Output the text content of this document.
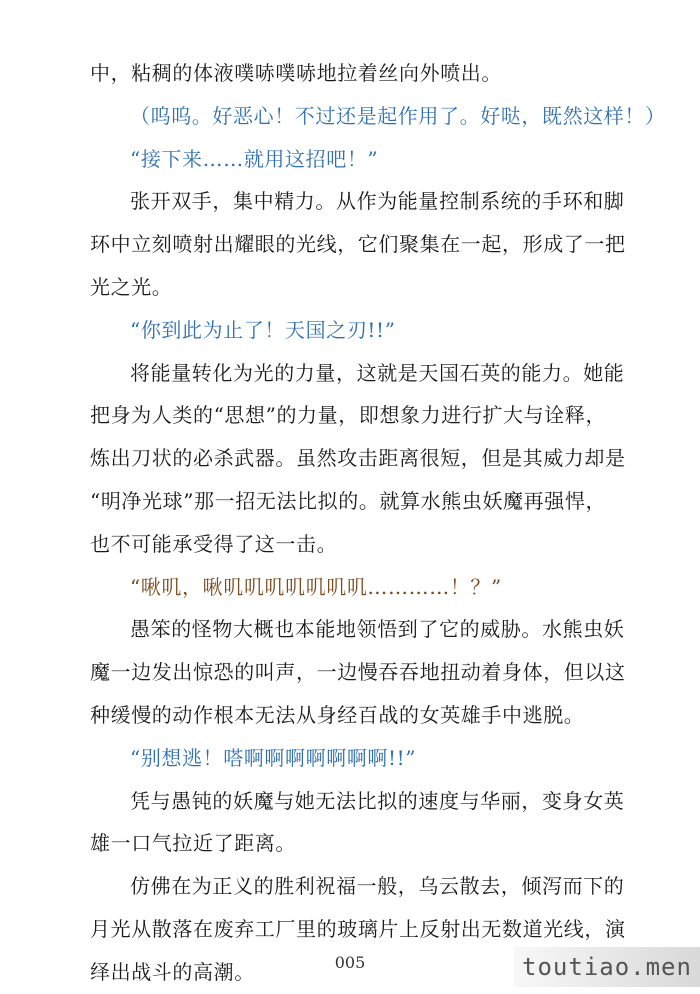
中，粘稠的体液噗哧噗哧地拉着丝向外喷出。
（呜呜。好恶心！不过还是起作用了。好哒，既然这样！）
“接下来……就用这招吧！”
张开双手，集中精力。从作为能量控制系统的手环和脚
环中立刻喷射出耀眼的光线，它们聚集在一起，形成了一把
光之光。
“你到此为止了！天国之刃!!”
将能量转化为光的力量，这就是天国石英的能力。她能
把身为人类的“思想”的力量，即想象力进行扩大与诠释，
炼出刀状的必杀武器。虽然攻击距离很短，但是其威力却是
“明净光球”那一招无法比拟的。就算水熊虫妖魔再强悍，
也不可能承受得了这一击。
“啾叽，啾叽叽叽叽叽叽叽…………！？”
愚笨的怪物大概也本能地领悟到了它的威胁。水熊虫妖
魔一边发出惊恐的叫声，一边慢吞吞地扭动着身体，但以这
种缓慢的动作根本无法从身经百战的女英雄手中逃脱。
“别想逃！嗒啊啊啊啊啊啊啊!!”
凭与愚钝的妖魔与她无法比拟的速度与华丽，变身女英
雄一口气拉近了距离。
仿佛在为正义的胜利祝福一般，乌云散去，倾泻而下的
月光从散落在废弃工厂里的玻璃片上反射出无数道光线，演
绎出战斗的高潮。	005	toutiao.men
